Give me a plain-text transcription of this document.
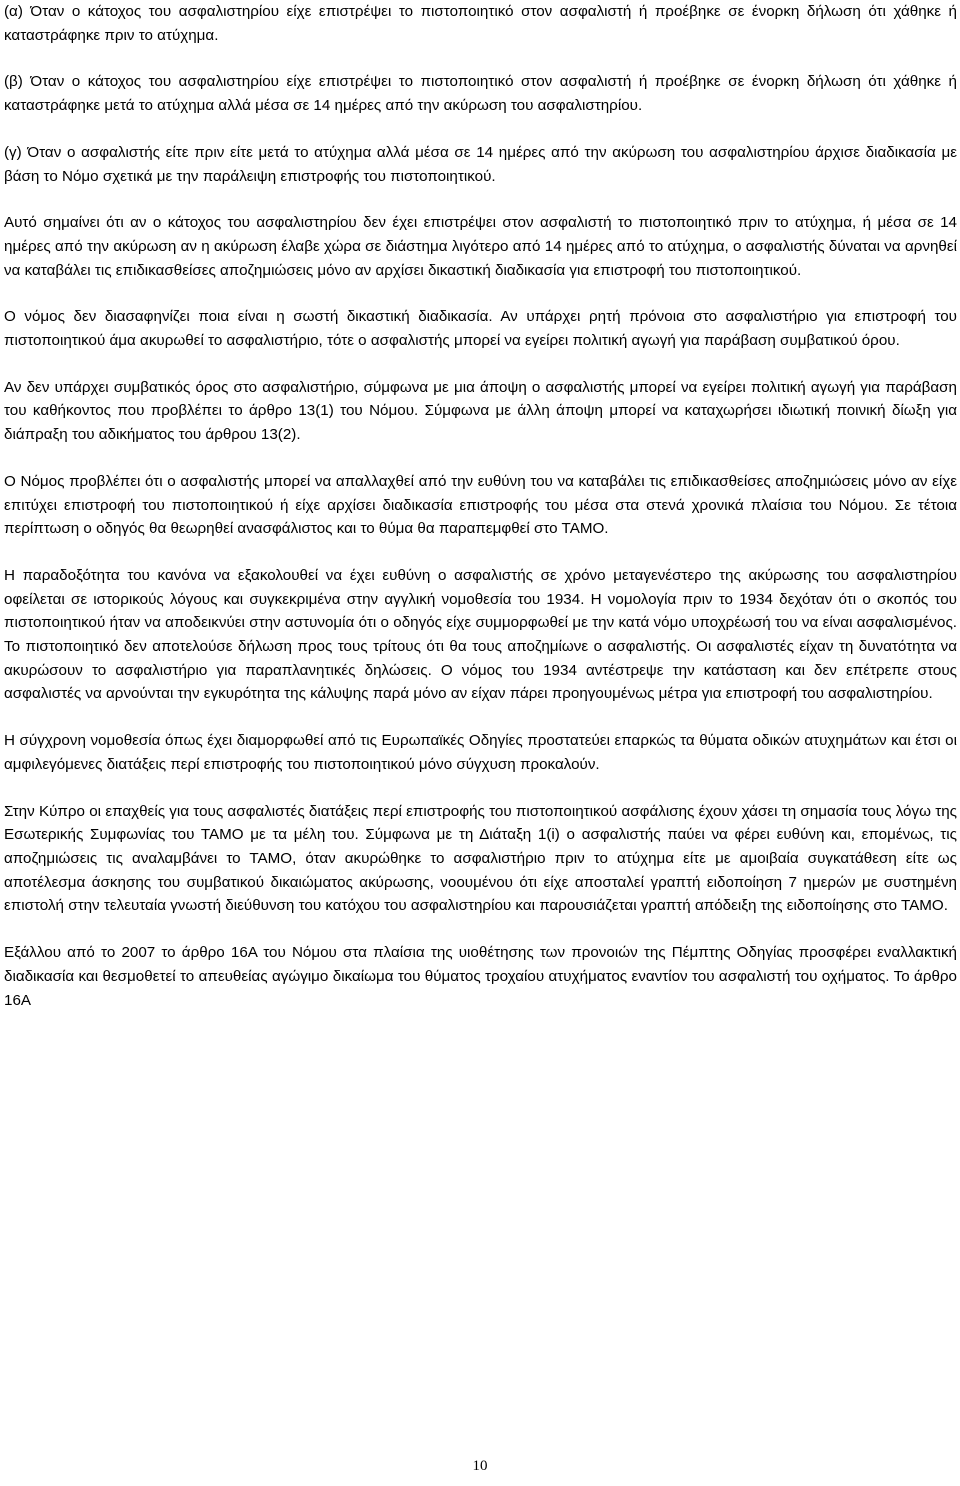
(α) Όταν ο κάτοχος του ασφαλιστηρίου είχε επιστρέψει το πιστοποιητικό στον ασφαλιστή ή προέβηκε σε ένορκη δήλωση ότι χάθηκε ή καταστράφηκε πριν το ατύχημα.

(β) Όταν ο κάτοχος του ασφαλιστηρίου είχε επιστρέψει το πιστοποιητικό στον ασφαλιστή ή προέβηκε σε ένορκη δήλωση ότι χάθηκε ή καταστράφηκε μετά το ατύχημα αλλά μέσα σε 14 ημέρες από την ακύρωση του ασφαλιστηρίου.

(γ) Όταν ο ασφαλιστής είτε πριν είτε μετά το ατύχημα αλλά μέσα σε 14 ημέρες από την ακύρωση του ασφαλιστηρίου άρχισε διαδικασία με βάση το Νόμο σχετικά με την παράλειψη επιστροφής του πιστοποιητικού.

Αυτό σημαίνει ότι αν ο κάτοχος του ασφαλιστηρίου δεν έχει επιστρέψει στον ασφαλιστή το πιστοποιητικό πριν το ατύχημα, ή μέσα σε 14 ημέρες από την ακύρωση αν η ακύρωση έλαβε χώρα σε διάστημα λιγότερο από 14 ημέρες από το ατύχημα, ο ασφαλιστής δύναται να αρνηθεί να καταβάλει τις επιδικασθείσες αποζημιώσεις μόνο αν αρχίσει δικαστική διαδικασία για επιστροφή του πιστοποιητικού.

Ο νόμος δεν διασαφηνίζει ποια είναι η σωστή δικαστική διαδικασία. Αν υπάρχει ρητή πρόνοια στο ασφαλιστήριο για επιστροφή του πιστοποιητικού άμα ακυρωθεί το ασφαλιστήριο, τότε ο ασφαλιστής μπορεί να εγείρει πολιτική αγωγή για παράβαση συμβατικού όρου.

Αν δεν υπάρχει συμβατικός όρος στο ασφαλιστήριο, σύμφωνα με μια άποψη ο ασφαλιστής μπορεί να εγείρει πολιτική αγωγή για παράβαση του καθήκοντος που προβλέπει το άρθρο 13(1) του Νόμου. Σύμφωνα με άλλη άποψη μπορεί να καταχωρήσει ιδιωτική ποινική δίωξη για διάπραξη του αδικήματος του άρθρου 13(2).

Ο Νόμος προβλέπει ότι ο ασφαλιστής μπορεί να απαλλαχθεί από την ευθύνη του να καταβάλει τις επιδικασθείσες αποζημιώσεις μόνο αν είχε επιτύχει επιστροφή του πιστοποιητικού ή είχε αρχίσει διαδικασία επιστροφής του μέσα στα στενά χρονικά πλαίσια του Νόμου. Σε τέτοια περίπτωση ο οδηγός θα θεωρηθεί ανασφάλιστος και το θύμα θα παραπεμφθεί στο ΤΑΜΟ.

Η παραδοξότητα του κανόνα να εξακολουθεί να έχει ευθύνη ο ασφαλιστής σε χρόνο μεταγενέστερο της ακύρωσης του ασφαλιστηρίου οφείλεται σε ιστορικούς λόγους και συγκεκριμένα στην αγγλική νομοθεσία του 1934. Η νομολογία πριν το 1934 δεχόταν ότι ο σκοπός του πιστοποιητικού ήταν να αποδεικνύει στην αστυνομία ότι ο οδηγός είχε συμμορφωθεί με την κατά νόμο υποχρέωσή του να είναι ασφαλισμένος. Το πιστοποιητικό δεν αποτελούσε δήλωση προς τους τρίτους ότι θα τους αποζημίωνε ο ασφαλιστής. Οι ασφαλιστές είχαν τη δυνατότητα να ακυρώσουν το ασφαλιστήριο για παραπλανητικές δηλώσεις. Ο νόμος του 1934 αντέστρεψε την κατάσταση και δεν επέτρεπε στους ασφαλιστές να αρνούνται την εγκυρότητα της κάλυψης παρά μόνο αν είχαν πάρει προηγουμένως μέτρα για επιστροφή του ασφαλιστηρίου.

Η σύγχρονη νομοθεσία όπως έχει διαμορφωθεί από τις Ευρωπαϊκές Οδηγίες προστατεύει επαρκώς τα θύματα οδικών ατυχημάτων και έτσι οι αμφιλεγόμενες διατάξεις περί επιστροφής του πιστοποιητικού μόνο σύγχυση προκαλούν.

Στην Κύπρο οι επαχθείς για τους ασφαλιστές διατάξεις περί επιστροφής του πιστοποιητικού ασφάλισης έχουν χάσει τη σημασία τους λόγω της Εσωτερικής Συμφωνίας του ΤΑΜΟ με τα μέλη του. Σύμφωνα με τη Διάταξη 1(i) ο ασφαλιστής παύει να φέρει ευθύνη και, επομένως, τις αποζημιώσεις τις αναλαμβάνει το ΤΑΜΟ, όταν ακυρώθηκε το ασφαλιστήριο πριν το ατύχημα είτε με αμοιβαία συγκατάθεση είτε ως αποτέλεσμα άσκησης του συμβατικού δικαιώματος ακύρωσης, νοουμένου ότι είχε αποσταλεί γραπτή ειδοποίηση 7 ημερών με συστημένη επιστολή στην τελευταία γνωστή διεύθυνση του κατόχου του ασφαλιστηρίου και παρουσιάζεται γραπτή απόδειξη της ειδοποίησης στο ΤΑΜΟ.

Εξάλλου από το 2007 το άρθρο 16Α του Νόμου στα πλαίσια της υιοθέτησης των προνοιών της Πέμπτης Οδηγίας προσφέρει εναλλακτική διαδικασία και θεσμοθετεί το απευθείας αγώγιμο δικαίωμα του θύματος τροχαίου ατυχήματος εναντίον του ασφαλιστή του οχήματος. Το άρθρο 16Α

10
